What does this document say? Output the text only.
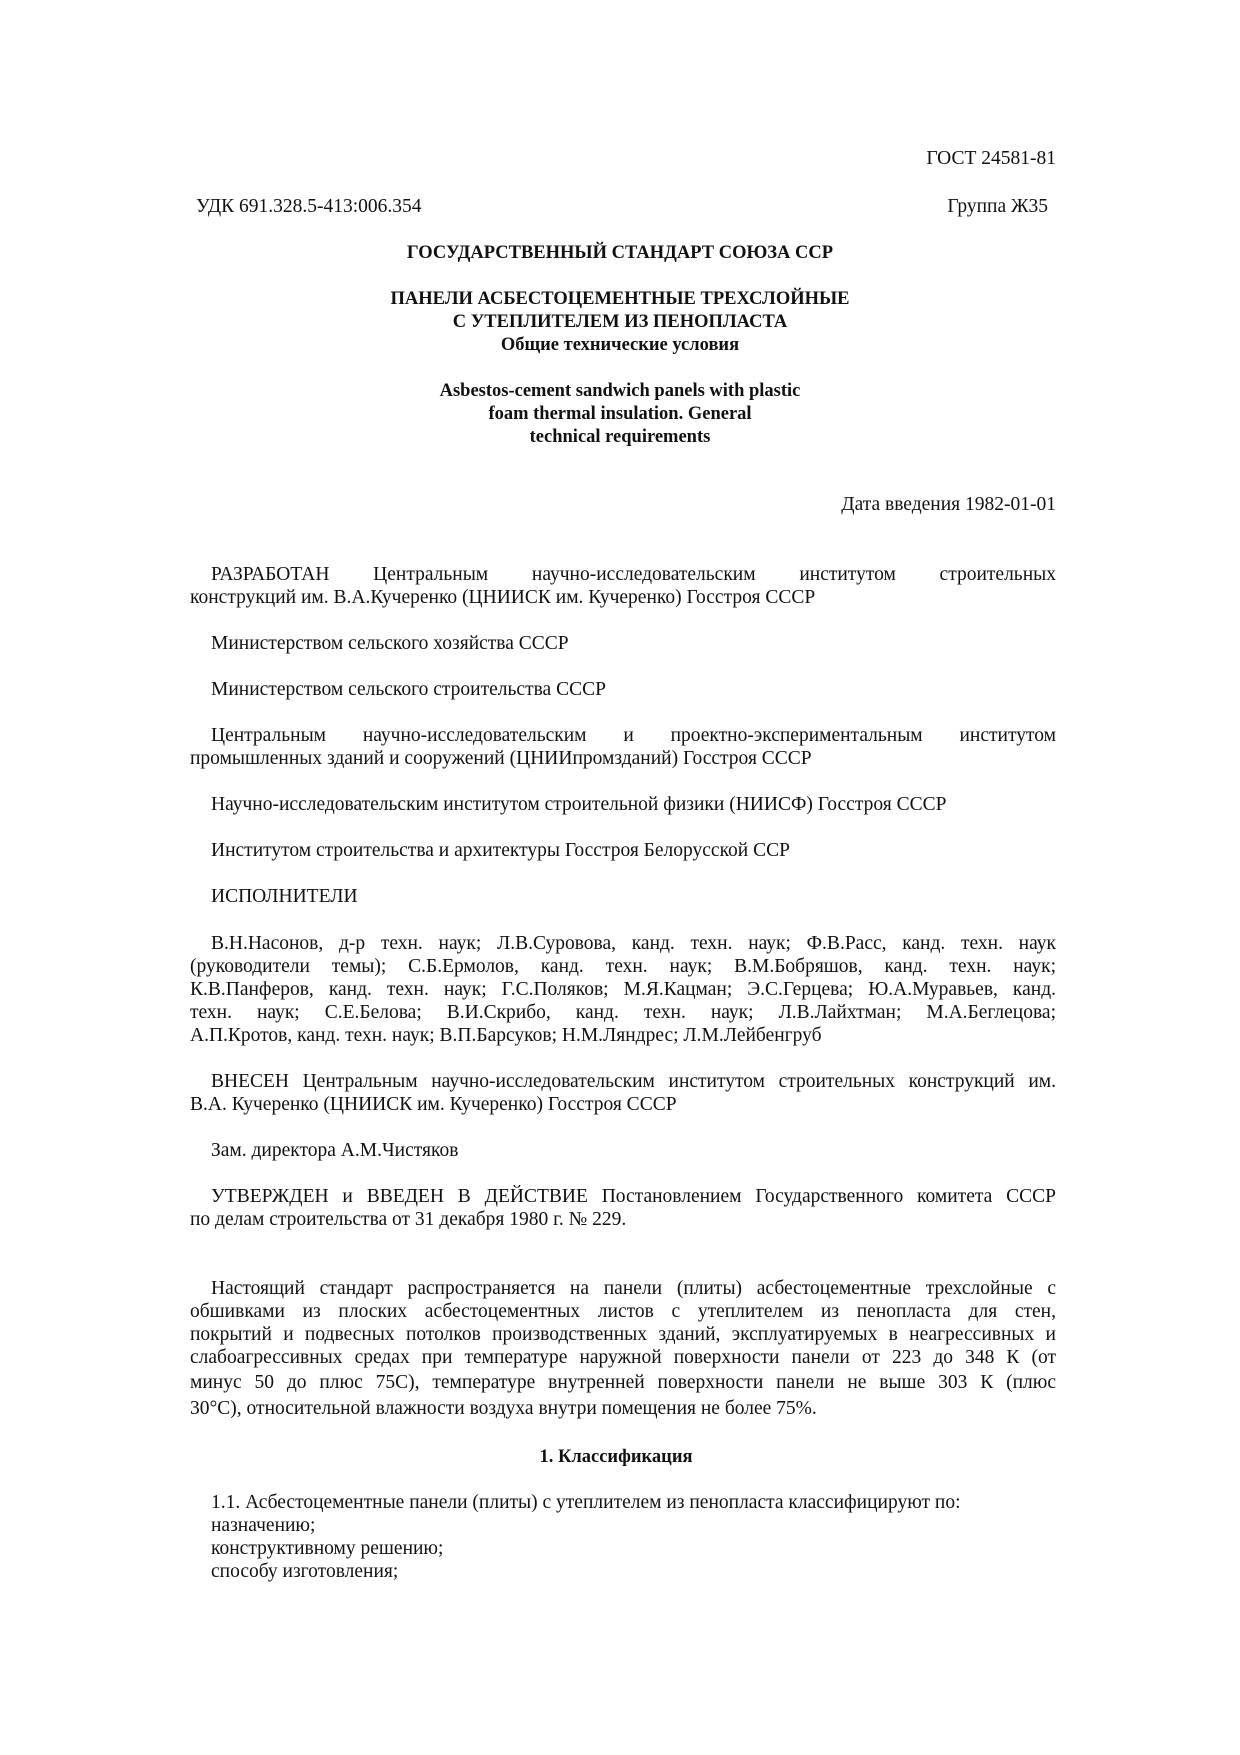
ГОСТ 24581-81
УДК 691.328.5-413:006.354	Группа Ж35
ГОСУДАРСТВЕННЫЙ СТАНДАРТ СОЮЗА ССР
ПАНЕЛИ АСБЕСТОЦЕМЕНТНЫЕ ТРЕХСЛОЙНЫЕ
С УТЕПЛИТЕЛЕМ ИЗ ПЕНОПЛАСТА
Общие технические условия
Asbestos-cement sandwich panels with plastic
foam thermal insulation. General
technical requirements
Дата введения 1982-01-01
РАЗРАБОТАН Центральным научно-исследовательским институтом строительных
конструкций им. В.А.Кучеренко (ЦНИИСК им. Кучеренко) Госстроя СССР
Министерством сельского хозяйства СССР
Министерством сельского строительства СССР
Центральным научно-исследовательским и проектно-экспериментальным институтом
промышленных зданий и сооружений (ЦНИИпромзданий) Госстроя СССР
Научно-исследовательским институтом строительной физики (НИИСФ) Госстроя СССР
Институтом строительства и архитектуры Госстроя Белорусской ССР
ИСПОЛНИТЕЛИ
В.Н.Насонов, д-р техн. наук; Л.В.Суровова, канд. техн. наук; Ф.В.Расс, канд. техн. наук
(руководители темы); С.Б.Ермолов, канд. техн. наук; В.М.Бобряшов, канд. техн. наук;
К.В.Панферов, канд. техн. наук; Г.С.Поляков; М.Я.Кацман; Э.С.Герцева; Ю.А.Муравьев, канд.
техн. наук; С.Е.Белова; В.И.Скрибо, канд. техн. наук; Л.В.Лайхтман; М.А.Беглецова;
А.П.Кротов, канд. техн. наук; В.П.Барсуков; Н.М.Ляндрес; Л.М.Лейбенгруб
ВНЕСЕН Центральным научно-исследовательским институтом строительных конструкций им.
В.А. Кучеренко (ЦНИИСК им. Кучеренко) Госстроя СССР
Зам. директора А.М.Чистяков
УТВЕРЖДЕН и ВВЕДЕН В ДЕЙСТВИЕ Постановлением Государственного комитета СССР
по делам строительства от 31 декабря 1980 г. № 229.
Настоящий стандарт распространяется на панели (плиты) асбестоцементные трехслойные с
обшивками из плоских асбестоцементных листов с утеплителем из пенопласта для стен,
покрытий и подвесных потолков производственных зданий, эксплуатируемых в неагрессивных и
слабоагрессивных средах при температуре наружной поверхности панели от 223 до 348 К (от
минус 50 до плюс 75С), температуре внутренней поверхности панели не выше 303 К (плюс
30°С), относительной влажности воздуха внутри помещения не более 75%.
1. Классификация
1.1. Асбестоцементные панели (плиты) с утеплителем из пенопласта классифицируют по:
назначению;
конструктивному решению;
способу изготовления;
